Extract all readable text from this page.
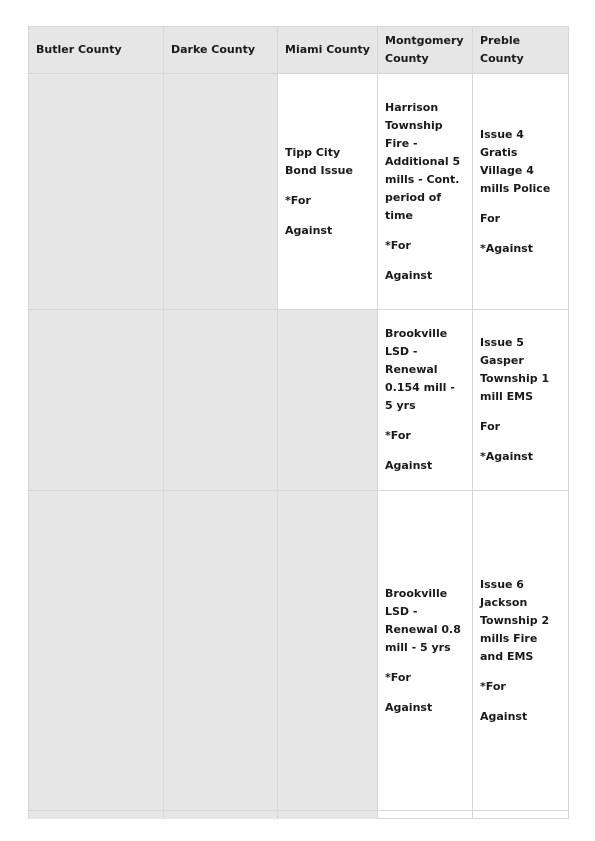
Butler County	Darke County	Miami County	Montgomery County	Preble County

		Tipp City Bond Issue
*For
Against	Harrison Township Fire - Additional 5 mills - Cont. period of time
*For
Against	Issue 4 Gratis Village 4 mills Police
For
*Against

			Brookville LSD - Renewal 0.154 mill - 5 yrs
*For
Against	Issue 5 Gasper Township 1 mill EMS
For
*Against

			Brookville LSD - Renewal 0.8 mill - 5 yrs
*For
Against	Issue 6 Jackson Township 2 mills Fire and EMS
*For
Against
